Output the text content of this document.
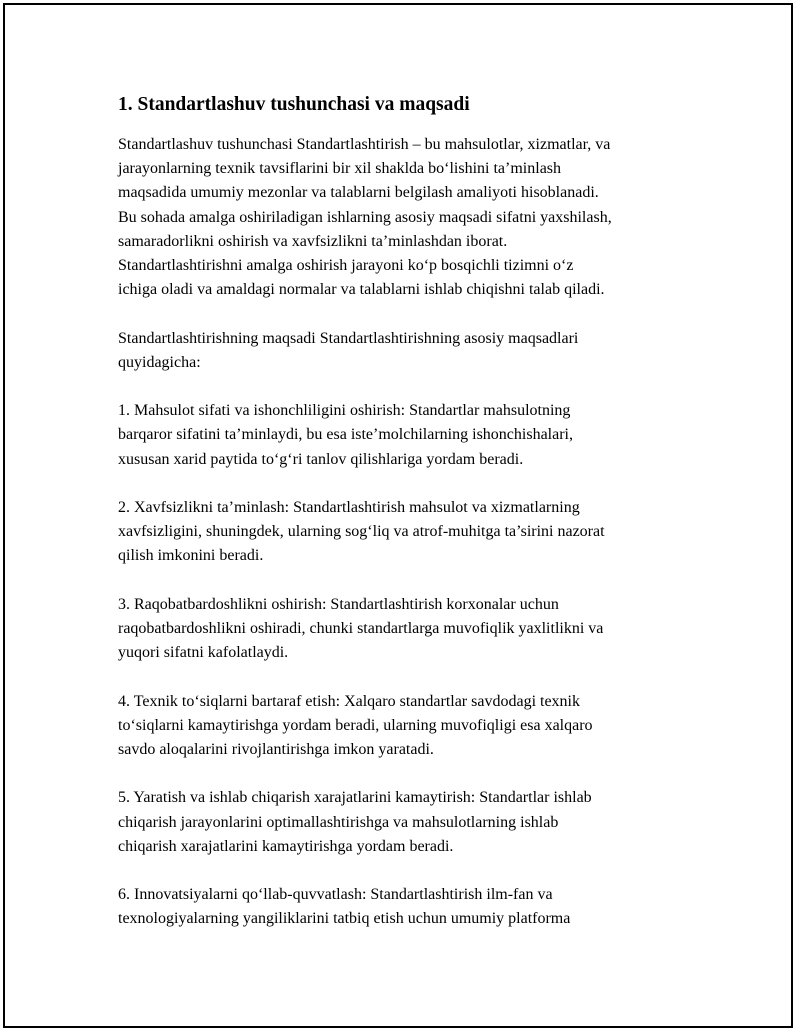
1. Standartlashuv tushunchasi va maqsadi

Standartlashuv tushunchasi Standartlashtirish – bu mahsulotlar, xizmatlar, va
jarayonlarning texnik tavsiflarini bir xil shaklda bo‘lishini ta’minlash
maqsadida umumiy mezonlar va talablarni belgilash amaliyoti hisoblanadi.
Bu sohada amalga oshiriladigan ishlarning asosiy maqsadi sifatni yaxshilash,
samaradorlikni oshirish va xavfsizlikni ta’minlashdan iborat.
Standartlashtirishni amalga oshirish jarayoni ko‘p bosqichli tizimni o‘z
ichiga oladi va amaldagi normalar va talablarni ishlab chiqishni talab qiladi.

Standartlashtirishning maqsadi Standartlashtirishning asosiy maqsadlari
quyidagicha:

1. Mahsulot sifati va ishonchliligini oshirish: Standartlar mahsulotning
barqaror sifatini ta’minlaydi, bu esa iste’molchilarning ishonchishalari,
xususan xarid paytida to‘g‘ri tanlov qilishlariga yordam beradi.

2. Xavfsizlikni ta’minlash: Standartlashtirish mahsulot va xizmatlarning
xavfsizligini, shuningdek, ularning sog‘liq va atrof-muhitga ta’sirini nazorat
qilish imkonini beradi.

3. Raqobatbardoshlikni oshirish: Standartlashtirish korxonalar uchun
raqobatbardoshlikni oshiradi, chunki standartlarga muvofiqlik yaxlitlikni va
yuqori sifatni kafolatlaydi.

4. Texnik to‘siqlarni bartaraf etish: Xalqaro standartlar savdodagi texnik
to‘siqlarni kamaytirishga yordam beradi, ularning muvofiqligi esa xalqaro
savdo aloqalarini rivojlantirishga imkon yaratadi.

5. Yaratish va ishlab chiqarish xarajatlarini kamaytirish: Standartlar ishlab
chiqarish jarayonlarini optimallashtirishga va mahsulotlarning ishlab
chiqarish xarajatlarini kamaytirishga yordam beradi.

6. Innovatsiyalarni qo‘llab-quvvatlash: Standartlashtirish ilm-fan va
texnologiyalarning yangiliklarini tatbiq etish uchun umumiy platforma
